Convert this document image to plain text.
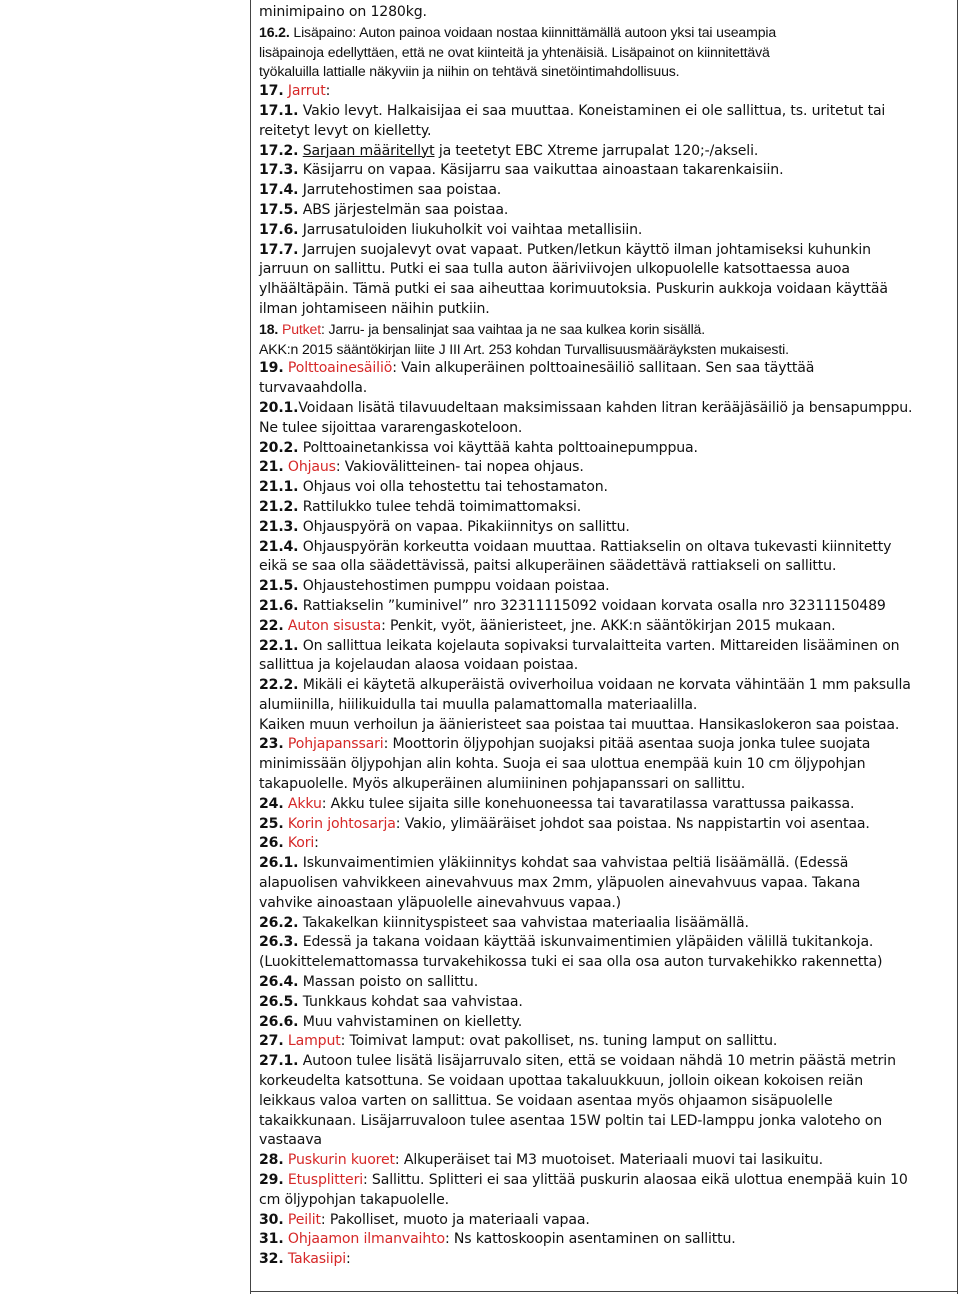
minimipaino on 1280kg.
16.2. Lisäpaino: Auton painoa voidaan nostaa kiinnittämällä autoon yksi tai useampia
lisäpainoja edellyttäen, että ne ovat kiinteitä ja yhtenäisiä. Lisäpainot on kiinnitettävä
työkaluilla lattialle näkyviin ja niihin on tehtävä sinetöintimahdollisuus.
17. Jarrut:
17.1. Vakio levyt. Halkaisijaa ei saa muuttaa. Koneistaminen ei ole sallittua, ts. uritetut tai
reitetyt levyt on kielletty.
17.2. Sarjaan määritellyt ja teetetyt EBC Xtreme jarrupalat 120;-/akseli.
17.3. Käsijarru on vapaa. Käsijarru saa vaikuttaa ainoastaan takarenkaisiin.
17.4. Jarrutehostimen saa poistaa.
17.5. ABS järjestelmän saa poistaa.
17.6. Jarrusatuloiden liukuholkit voi vaihtaa metallisiin.
17.7. Jarrujen suojalevyt ovat vapaat. Putken/letkun käyttö ilman johtamiseksi kuhunkin
jarruun on sallittu. Putki ei saa tulla auton ääriviivojen ulkopuolelle katsottaessa auoa
ylhäältäpäin. Tämä putki ei saa aiheuttaa korimuutoksia. Puskurin aukkoja voidaan käyttää
ilman johtamiseen näihin putkiin.
18. Putket: Jarru- ja bensalinjat saa vaihtaa ja ne saa kulkea korin sisällä.
AKK:n 2015 sääntökirjan liite J III Art. 253 kohdan Turvallisuusmääräyksten mukaisesti.
19. Polttoainesäiliö: Vain alkuperäinen polttoainesäiliö sallitaan. Sen saa täyttää
turvavaahdolla.
20.1.Voidaan lisätä tilavuudeltaan maksimissaan kahden litran kerääjäsäiliö ja bensapumppu.
Ne tulee sijoittaa vararengaskoteloon.
20.2. Polttoainetankissa voi käyttää kahta polttoainepumppua.
21. Ohjaus: Vakiovälitteinen- tai nopea ohjaus.
21.1. Ohjaus voi olla tehostettu tai tehostamaton.
21.2. Rattilukko tulee tehdä toimimattomaksi.
21.3. Ohjauspyörä on vapaa. Pikakiinnitys on sallittu.
21.4. Ohjauspyörän korkeutta voidaan muuttaa. Rattiakselin on oltava tukevasti kiinnitetty
eikä se saa olla säädettävissä, paitsi alkuperäinen säädettävä rattiakseli on sallittu.
21.5. Ohjaustehostimen pumppu voidaan poistaa.
21.6. Rattiakselin ”kuminivel” nro 32311115092 voidaan korvata osalla nro 32311150489
22. Auton sisusta: Penkit, vyöt, äänieristeet, jne. AKK:n sääntökirjan 2015 mukaan.
22.1. On sallittua leikata kojelauta sopivaksi turvalaitteita varten. Mittareiden lisääminen on
sallittua ja kojelaudan alaosa voidaan poistaa.
22.2. Mikäli ei käytetä alkuperäistä oviverhoilua voidaan ne korvata vähintään 1 mm paksulla
alumiinilla, hiilikuidulla tai muulla palamattomalla materiaalilla.
Kaiken muun verhoilun ja äänieristeet saa poistaa tai muuttaa. Hansikaslokeron saa poistaa.
23. Pohjapanssari: Moottorin öljypohjan suojaksi pitää asentaa suoja jonka tulee suojata
minimissään öljypohjan alin kohta. Suoja ei saa ulottua enempää kuin 10 cm öljypohjan
takapuolelle. Myös alkuperäinen alumiininen pohjapanssari on sallittu.
24. Akku: Akku tulee sijaita sille konehuoneessa tai tavaratilassa varattussa paikassa.
25. Korin johtosarja: Vakio, ylimääräiset johdot saa poistaa. Ns nappistartin voi asentaa.
26. Kori:
26.1. Iskunvaimentimien yläkiinnitys kohdat saa vahvistaa peltiä lisäämällä. (Edessä
alapuolisen vahvikkeen ainevahvuus max 2mm, yläpuolen ainevahvuus vapaa. Takana
vahvike ainoastaan yläpuolelle ainevahvuus vapaa.)
26.2. Takakelkan kiinnityspisteet saa vahvistaa materiaalia lisäämällä.
26.3. Edessä ja takana voidaan käyttää iskunvaimentimien yläpäiden välillä tukitankoja.
(Luokittelemattomassa turvakehikossa tuki ei saa olla osa auton turvakehikko rakennetta)
26.4. Massan poisto on sallittu.
26.5. Tunkkaus kohdat saa vahvistaa.
26.6. Muu vahvistaminen on kielletty.
27. Lamput: Toimivat lamput: ovat pakolliset, ns. tuning lamput on sallittu.
27.1. Autoon tulee lisätä lisäjarruvalo siten, että se voidaan nähdä 10 metrin päästä metrin
korkeudelta katsottuna. Se voidaan upottaa takaluukkuun, jolloin oikean kokoisen reiän
leikkaus valoa varten on sallittua. Se voidaan asentaa myös ohjaamon sisäpuolelle
takaikkunaan. Lisäjarruvaloon tulee asentaa 15W poltin tai LED-lamppu jonka valoteho on
vastaava
28. Puskurin kuoret: Alkuperäiset tai M3 muotoiset. Materiaali muovi tai lasikuitu.
29. Etusplitteri: Sallittu. Splitteri ei saa ylittää puskurin alaosaa eikä ulottua enempää kuin 10
cm öljypohjan takapuolelle.
30. Peilit: Pakolliset, muoto ja materiaali vapaa.
31. Ohjaamon ilmanvaihto: Ns kattoskoopin asentaminen on sallittu.
32. Takasiipi:
